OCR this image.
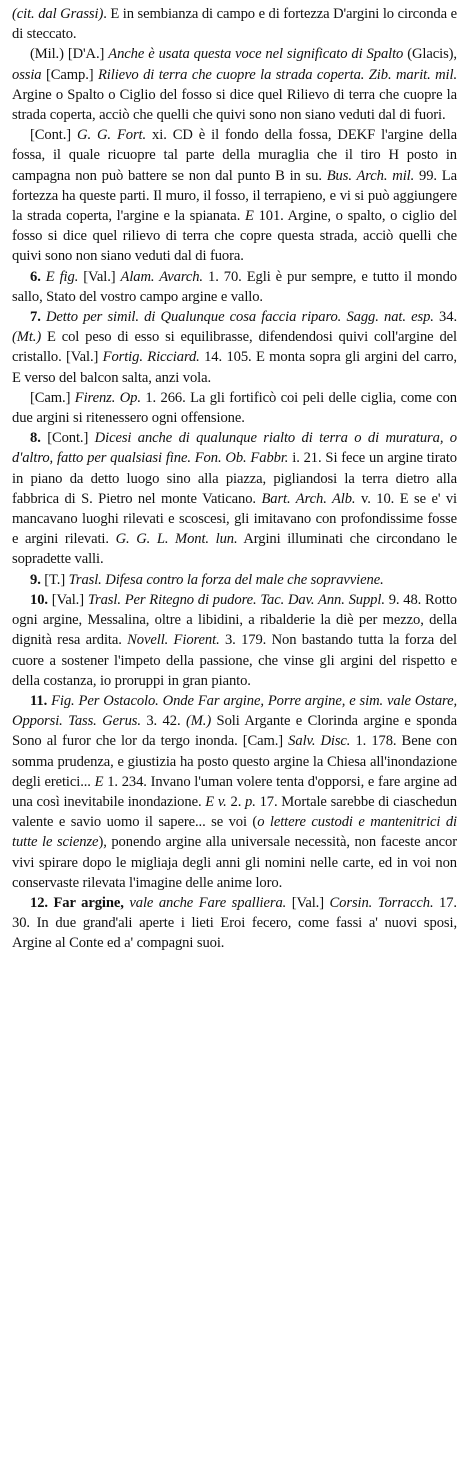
(cit. dal Grassi). E in sembianza di campo e di fortezza D'argini lo circonda e di steccato.

(Mil.) [D'A.] Anche è usata questa voce nel significato di Spalto (Glacis), ossia [Camp.] Rilievo di terra che cuopre la strada coperta. Zib. marit. mil. Argine o Spalto o Ciglio del fosso si dice quel Rilievo di terra che cuopre la strada coperta, acciò che quelli che quivi sono non siano veduti dal di fuori.

[Cont.] G. G. Fort. xi. CD è il fondo della fossa, DEKF l'argine della fossa, il quale ricuopre tal parte della muraglia che il tiro H posto in campagna non può battere se non dal punto B in su. Bus. Arch. mil. 99. La fortezza ha queste parti. Il muro, il fosso, il terrapieno, e vi si può aggiungere la strada coperta, l'argine e la spianata. E 101. Argine, o spalto, o ciglio del fosso si dice quel rilievo di terra che copre questa strada, acciò quelli che quivi sono non siano veduti dal di fuora.

6. E fig. [Val.] Alam. Avarch. 1. 70. Egli è pur sempre, e tutto il mondo sallo, Stato del vostro campo argine e vallo.

7. Detto per simil. di Qualunque cosa faccia riparo. Sagg. nat. esp. 34. (Mt.) E col peso di esso si equilibrasse, difendendosi quivi coll'argine del cristallo. [Val.] Fortig. Ricciard. 14. 105. E monta sopra gli argini del carro, E verso del balcon salta, anzi vola.

[Cam.] Firenz. Op. 1. 266. La gli fortificò coi peli delle ciglia, come con due argini si ritenessero ogni offensione.

8. [Cont.] Dicesi anche di qualunque rialto di terra o di muratura, o d'altro, fatto per qualsiasi fine. Fon. Ob. Fabbr. i. 21. Si fece un argine tirato in piano da detto luogo sino alla piazza, pigliandosi la terra dietro alla fabbrica di S. Pietro nel monte Vaticano. Bart. Arch. Alb. v. 10. E se e' vi mancavano luoghi rilevati e scoscesi, gli imitavano con profondissime fosse e argini rilevati. G. G. L. Mont. lun. Argini illuminati che circondano le sopradette valli.

9. [T.] Trasl. Difesa contro la forza del male che sopravviene.

10. [Val.] Trasl. Per Ritegno di pudore. Tac. Dav. Ann. Suppl. 9. 48. Rotto ogni argine, Messalina, oltre a libidini, a ribalderie la diè per mezzo, della dignità resa ardita. Novell. Fiorent. 3. 179. Non bastando tutta la forza del cuore a sostener l'impeto della passione, che vinse gli argini del rispetto e della costanza, io proruppi in gran pianto.

11. Fig. Per Ostacolo. Onde Far argine, Porre argine, e sim. vale Ostare, Opporsi. Tass. Gerus. 3. 42. (M.) Soli Argante e Clorinda argine e sponda Sono al furor che lor da tergo inonda. [Cam.] Salv. Disc. 1. 178. Bene con somma prudenza, e giustizia ha posto questo argine la Chiesa all'inondazione degli eretici... E 1. 234. Invano l'uman volere tenta d'opporsi, e fare argine ad una così inevitabile inondazione. E v. 2. p. 17. Mortale sarebbe di ciaschedun valente e savio uomo il sapere... se voi (o lettere custodi e mantenitrici di tutte le scienze), ponendo argine alla universale necessità, non faceste ancor vivi spirare dopo le migliaja degli anni gli nomini nelle carte, ed in voi non conservaste rilevata l'imagine delle anime loro.

12. Far argine, vale anche Fare spalliera. [Val.] Corsin. Torracch. 17. 30. In due grand'ali aperte i lieti Eroi fecero, come fassi a' nuovi sposi, Argine al Conte ed a' compagni suoi.
